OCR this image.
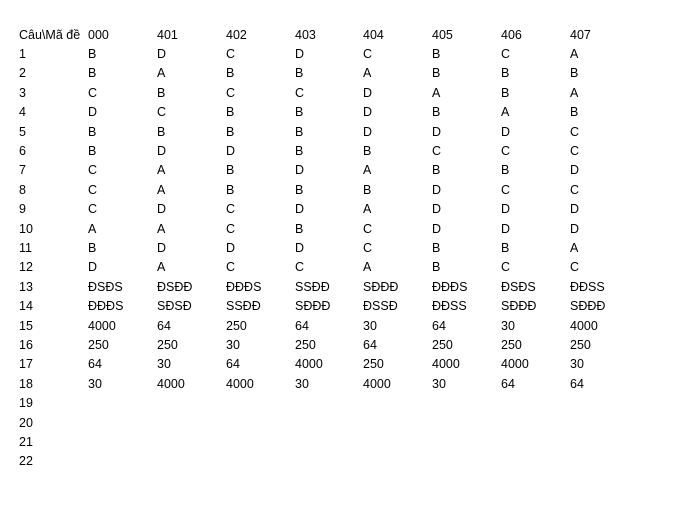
Câu\Mã đề 000	401	402	403	404	405	406	407
1	B	D	C	D	C	B	C	A
2	B	A	B	B	A	B	B	B
3	C	B	C	C	D	A	B	A
4	D	C	B	B	D	B	A	B
5	B	B	B	B	D	D	D	C
6	B	D	D	B	B	C	C	C
7	C	A	B	D	A	B	B	D
8	C	A	B	B	B	D	C	C
9	C	D	C	D	A	D	D	D
10	A	A	C	B	C	D	D	D
11	B	D	D	D	C	B	B	A
12	D	A	C	C	A	B	C	C
13	ĐSĐS	ĐSĐĐ	ĐĐĐS	SSĐĐ	SĐĐĐ	ĐĐĐS	ĐSĐS	ĐĐSS
14	ĐĐĐS	SĐSĐ	SSĐĐ	SĐĐĐ	ĐSSĐ	ĐĐSS	SĐĐĐ	SĐĐĐ
15	4000	64	250	64	30	64	30	4000
16	250	250	30	250	64	250	250	250
17	64	30	64	4000	250	4000	4000	30
18	30	4000	4000	30	4000	30	64	64
19
20
21
22
